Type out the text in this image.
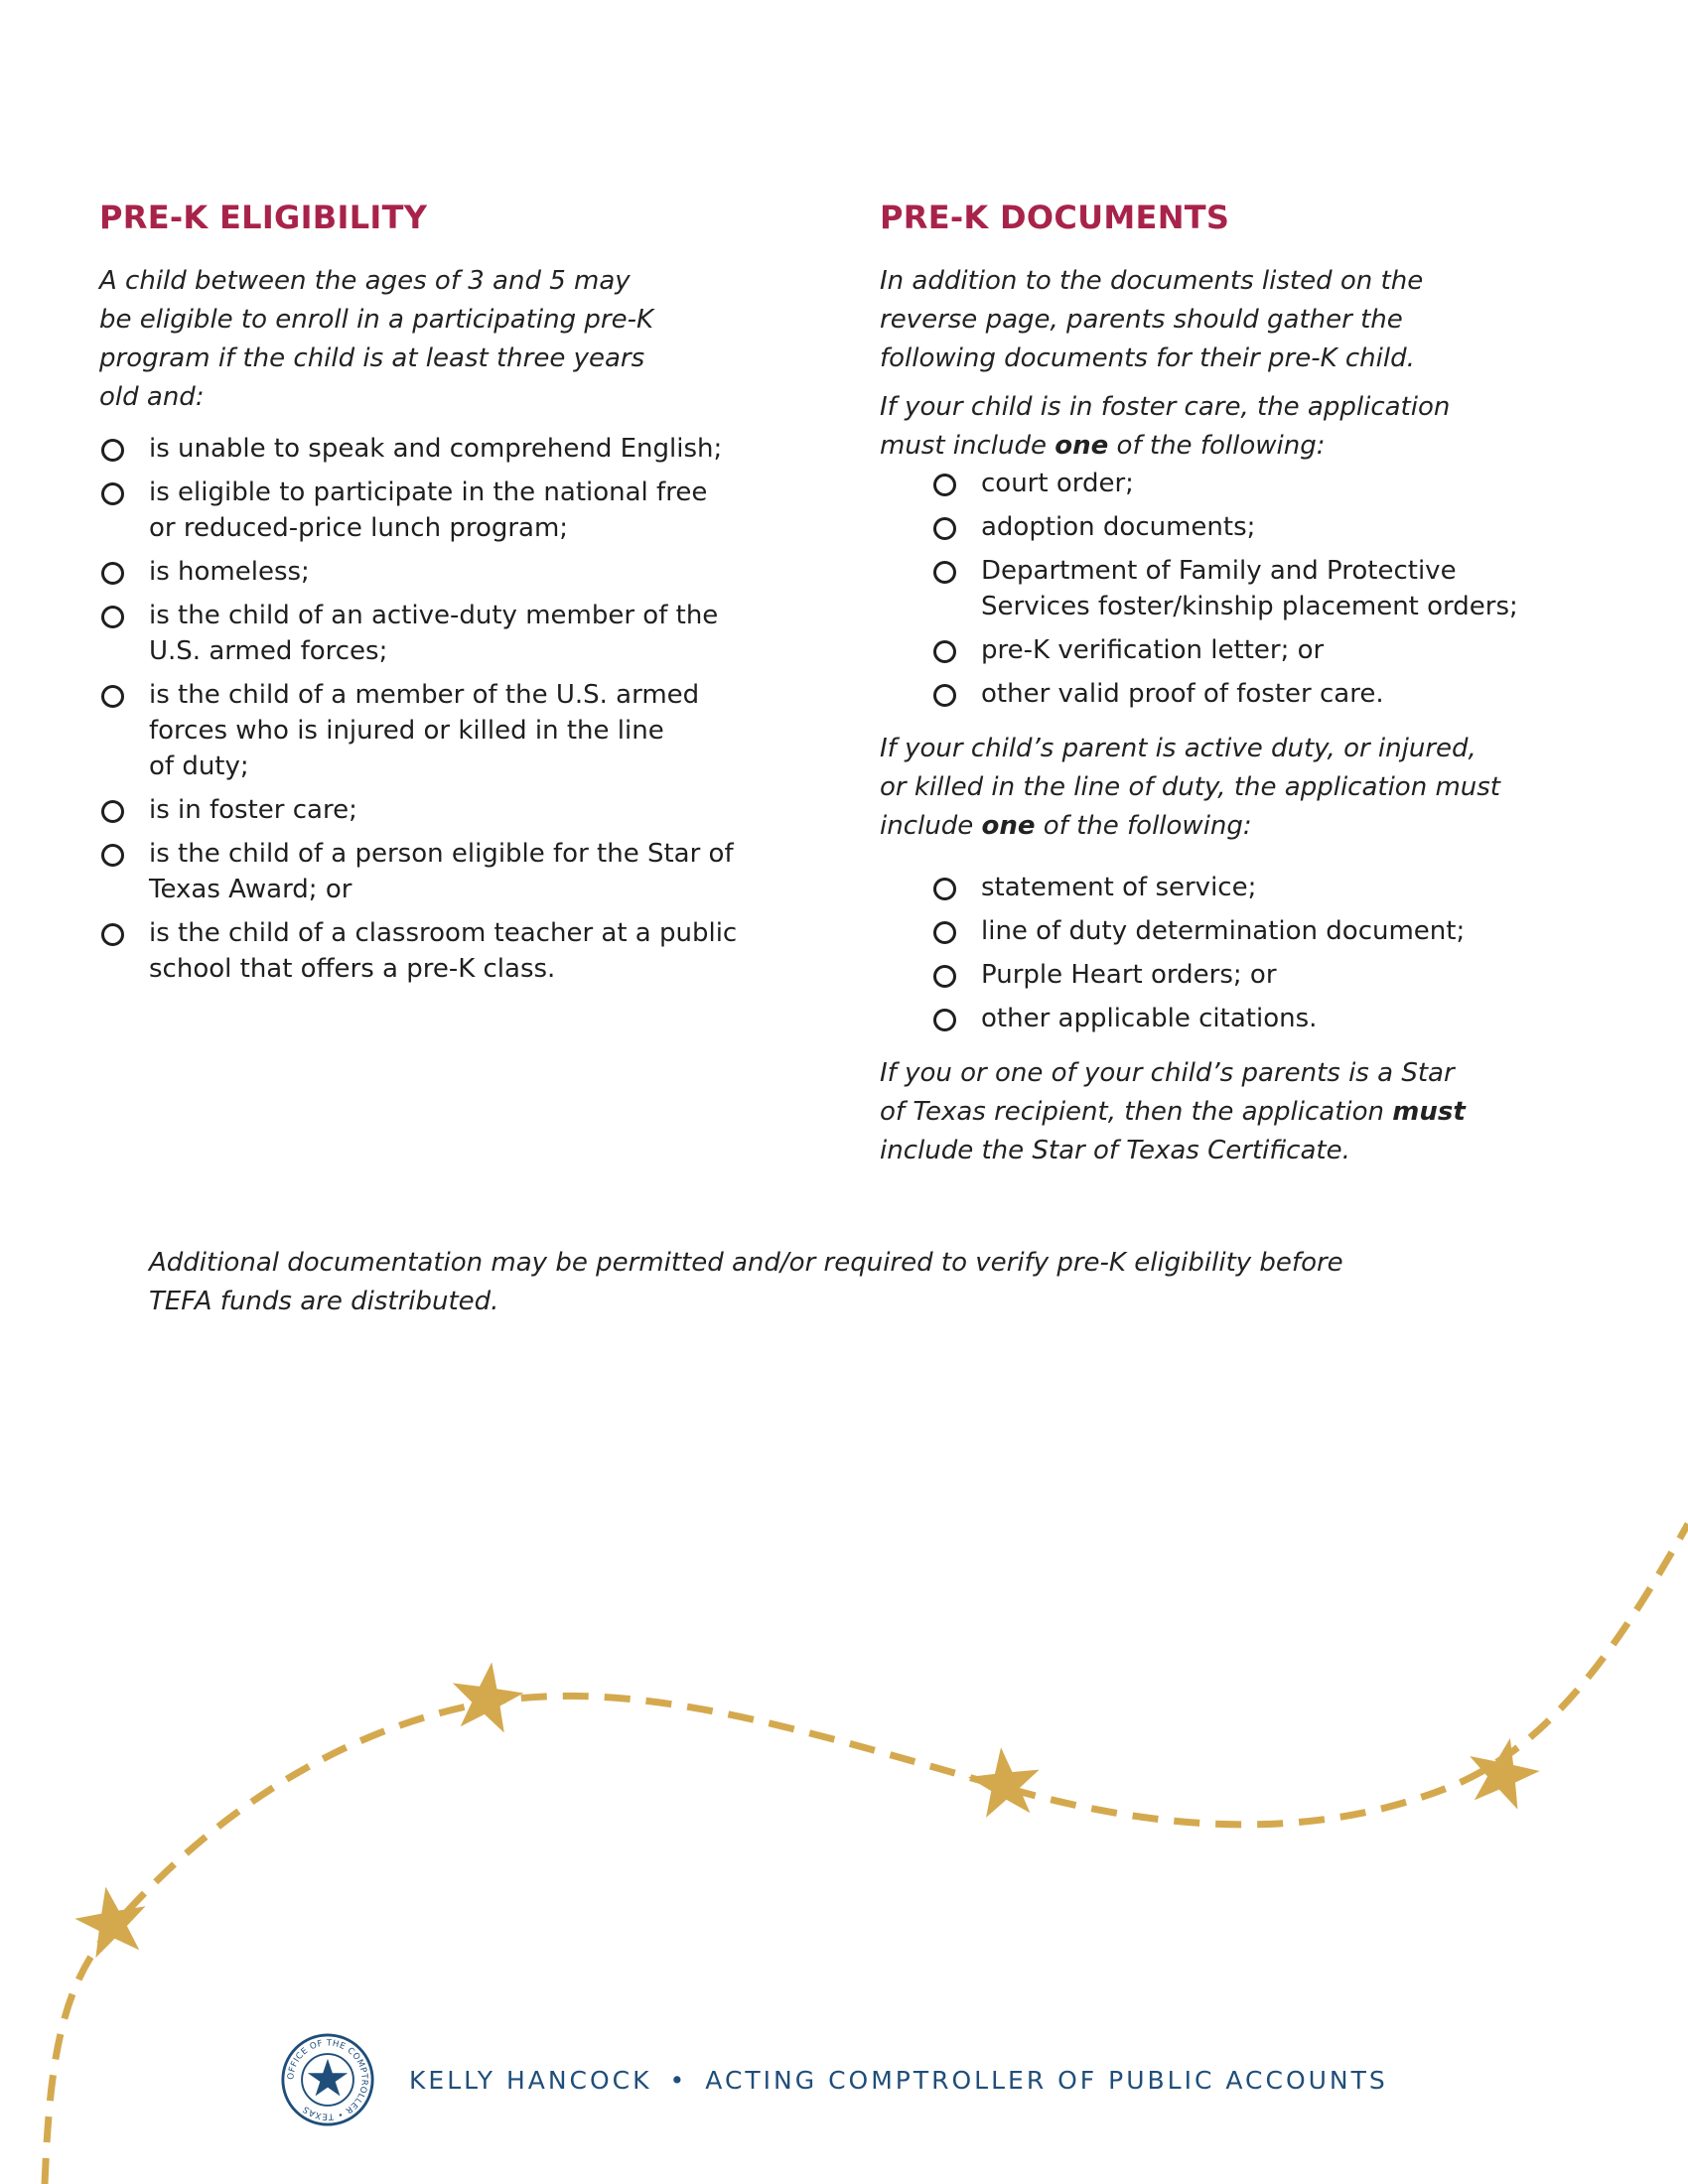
PRE-K ELIGIBILITY

A child between the ages of 3 and 5 may
be eligible to enroll in a participating pre-K
program if the child is at least three years
old and:

is unable to speak and comprehend English;
is eligible to participate in the national free
or reduced-price lunch program;
is homeless;
is the child of an active-duty member of the
U.S. armed forces;
is the child of a member of the U.S. armed
forces who is injured or killed in the line
of duty;
is in foster care;
is the child of a person eligible for the Star of
Texas Award; or
is the child of a classroom teacher at a public
school that offers a pre-K class.
PRE-K DOCUMENTS

In addition to the documents listed on the
reverse page, parents should gather the
following documents for their pre-K child.

If your child is in foster care, the application
must include one of the following:

court order;
adoption documents;
Department of Family and Protective
Services foster/kinship placement orders;
pre-K verification letter; or
other valid proof of foster care.

If your child’s parent is active duty, or injured,
or killed in the line of duty, the application must
include one of the following:

statement of service;
line of duty determination document;
Purple Heart orders; or
other applicable citations.

If you or one of your child’s parents is a Star
of Texas recipient, then the application must
include the Star of Texas Certificate.

Additional documentation may be permitted and/or required to verify pre-K eligibility before
TEFA funds are distributed.

OFFICE OF THE COMPTROLLER • TEXAS
KELLY HANCOCK • ACTING COMPTROLLER OF PUBLIC ACCOUNTS
